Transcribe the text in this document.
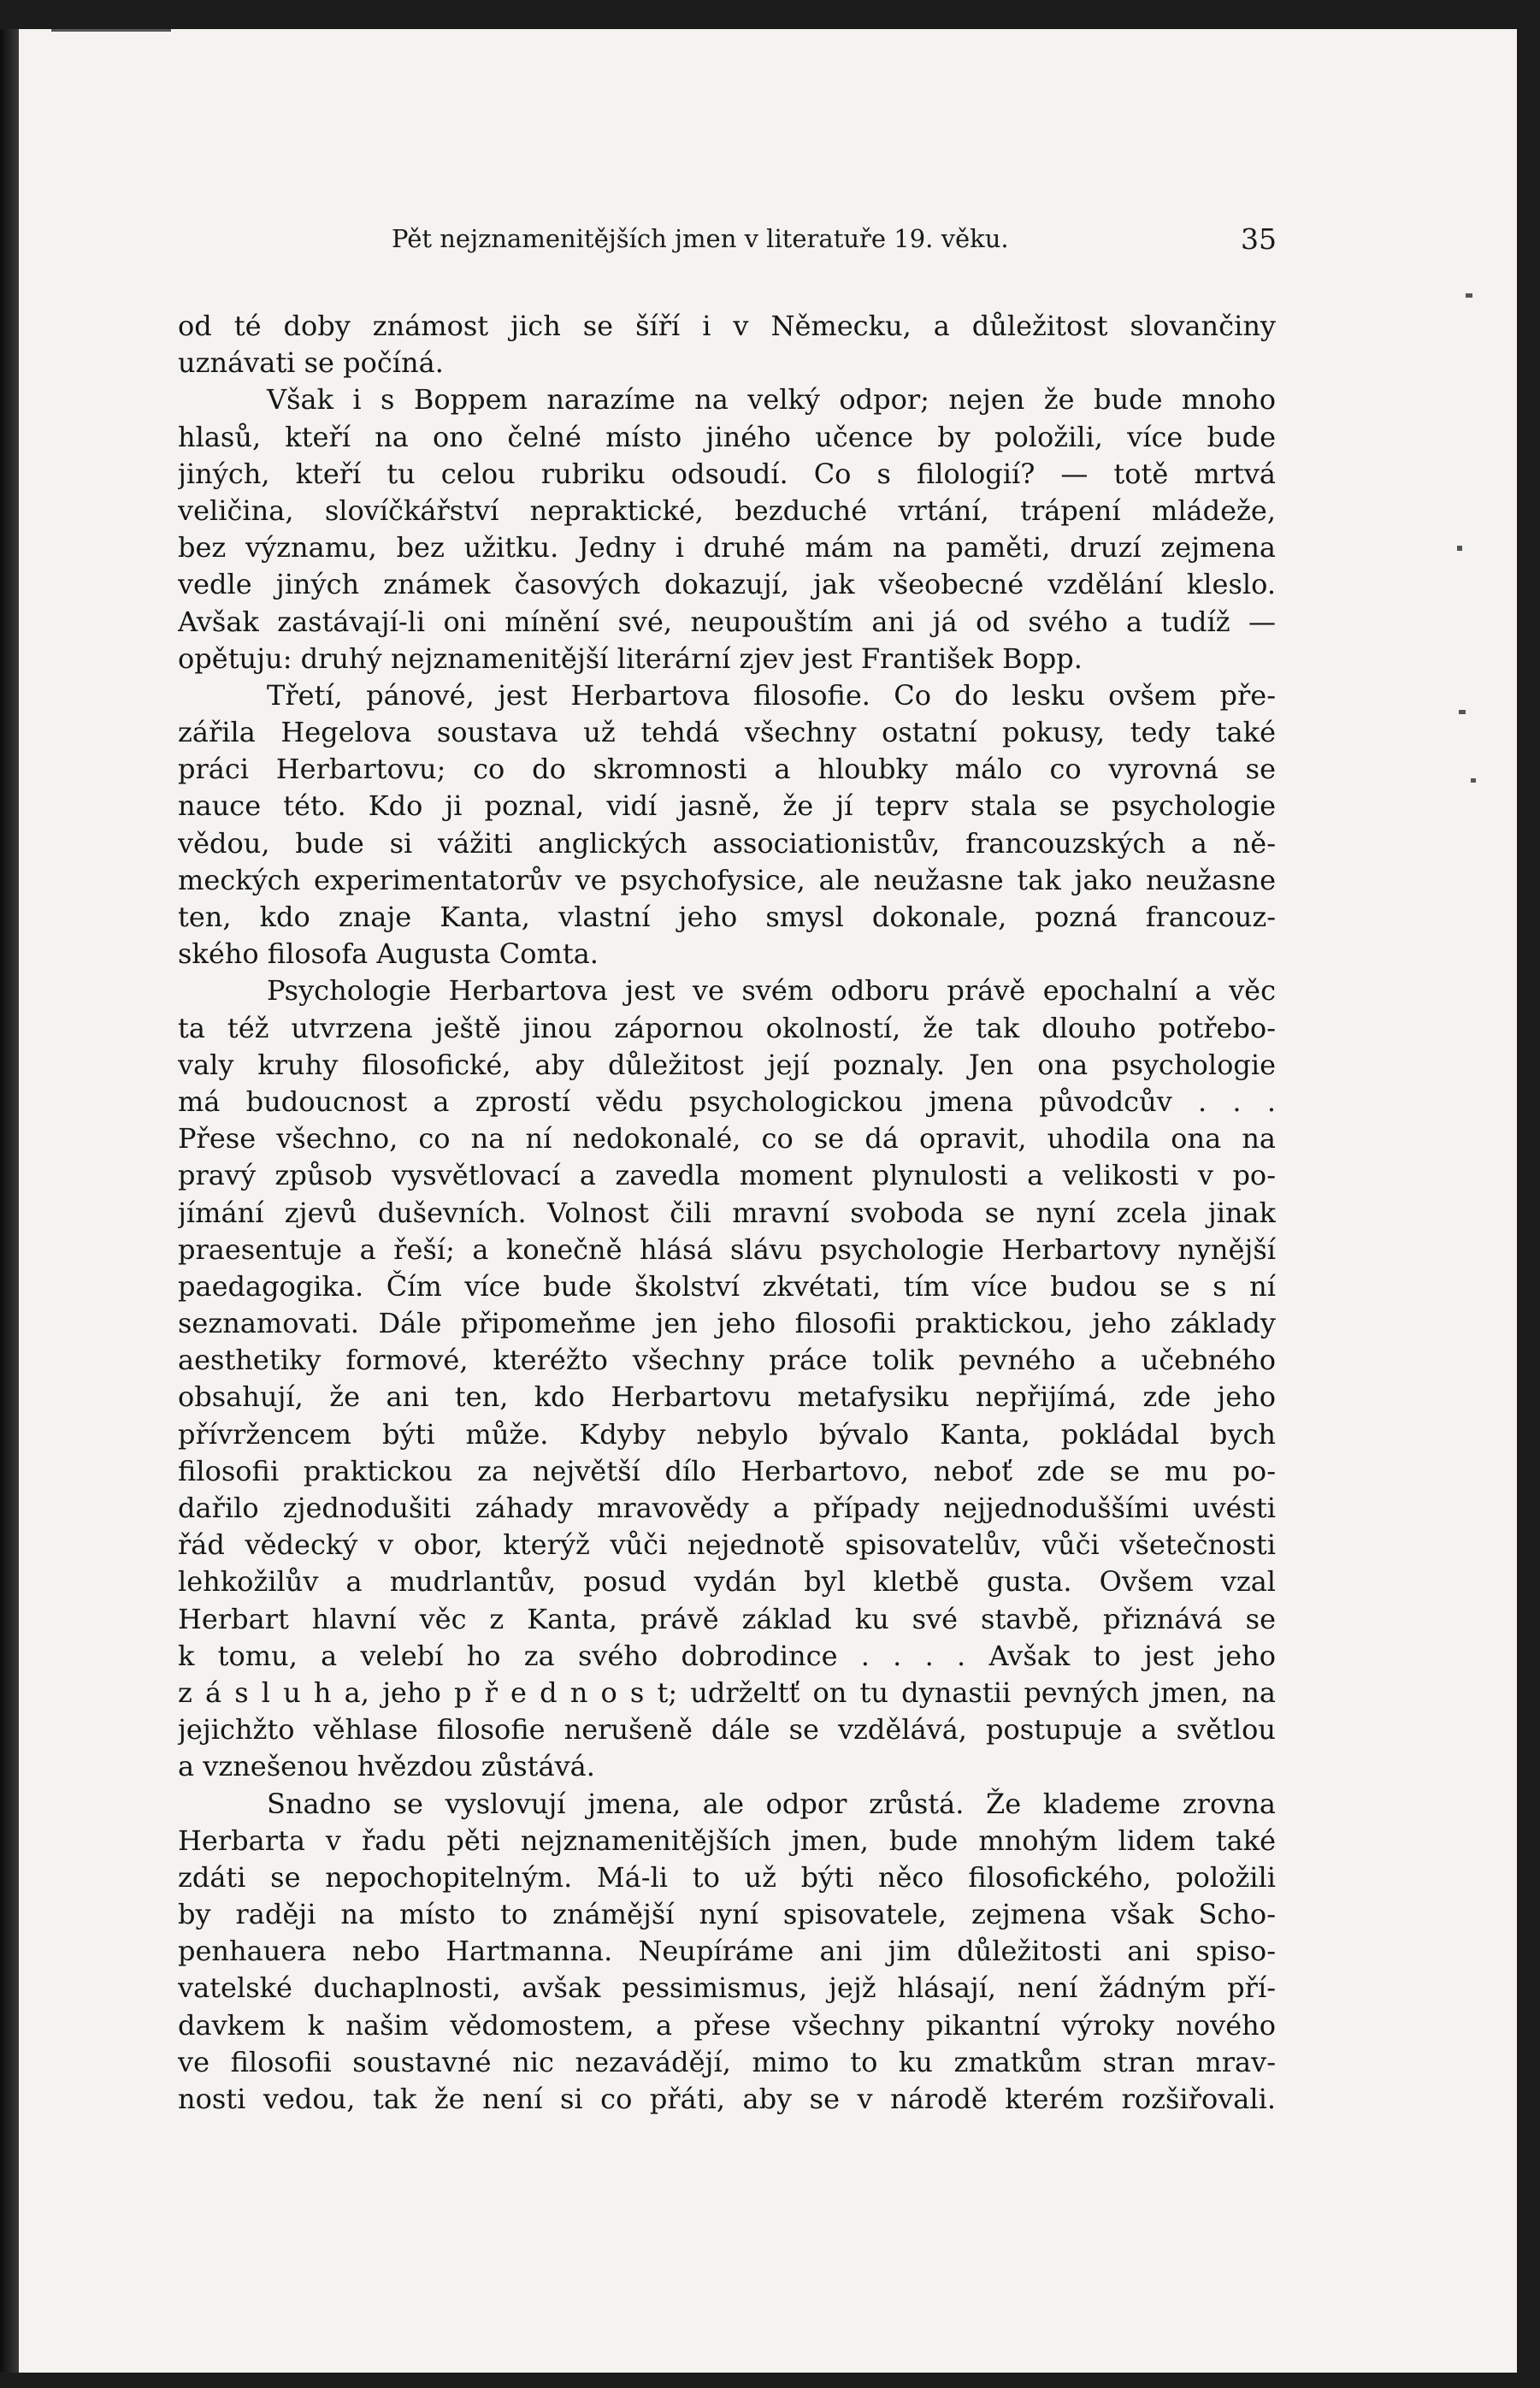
Pět nejznamenitějších jmen v literatuře 19. věku.	35
od té doby známost jich se šíří i v Německu, a důležitost slovančiny
uznávati se počíná.
Však i s Boppem narazíme na velký odpor; nejen že bude mnoho
hlasů, kteří na ono čelné místo jiného učence by položili, více bude
jiných, kteří tu celou rubriku odsoudí. Co s filologií? — totě mrtvá
veličina, slovíčkářství nepraktické, bezduché vrtání, trápení mládeže,
bez významu, bez užitku. Jedny i druhé mám na paměti, druzí zejmena
vedle jiných známek časových dokazují, jak všeobecné vzdělání kleslo.
Avšak zastávají-li oni mínění své, neupouštím ani já od svého a tudíž —
opětuju: druhý nejznamenitější literární zjev jest František Bopp.
Třetí, pánové, jest Herbartova filosofie. Co do lesku ovšem pře-
zářila Hegelova soustava už tehdá všechny ostatní pokusy, tedy také
práci Herbartovu; co do skromnosti a hloubky málo co vyrovná se
nauce této. Kdo ji poznal, vidí jasně, že jí teprv stala se psychologie
vědou, bude si vážiti anglických associationistův, francouzských a ně-
meckých experimentatorův ve psychofysice, ale neužasne tak jako neužasne
ten, kdo znaje Kanta, vlastní jeho smysl dokonale, pozná francouz-
ského filosofa Augusta Comta.
Psychologie Herbartova jest ve svém odboru právě epochalní a věc
ta též utvrzena ještě jinou zápornou okolností, že tak dlouho potřebo-
valy kruhy filosofické, aby důležitost její poznaly. Jen ona psychologie
má budoucnost a zprostí vědu psychologickou jmena původcův . . .
Přese všechno, co na ní nedokonalé, co se dá opravit, uhodila ona na
pravý způsob vysvětlovací a zavedla moment plynulosti a velikosti v po-
jímání zjevů duševních. Volnost čili mravní svoboda se nyní zcela jinak
praesentuje a řeší; a konečně hlásá slávu psychologie Herbartovy nynější
paedagogika. Čím více bude školství zkvétati, tím více budou se s ní
seznamovati. Dále připomeňme jen jeho filosofii praktickou, jeho základy
aesthetiky formové, kteréžto všechny práce tolik pevného a učebného
obsahují, že ani ten, kdo Herbartovu metafysiku nepřijímá, zde jeho
přívržencem býti může. Kdyby nebylo bývalo Kanta, pokládal bych
filosofii praktickou za největší dílo Herbartovo, neboť zde se mu po-
dařilo zjednodušiti záhady mravovědy a případy nejjednoduššími uvésti
řád vědecký v obor, kterýž vůči nejednotě spisovatelův, vůči všetečnosti
lehkožilův a mudrlantův, posud vydán byl kletbě gusta. Ovšem vzal
Herbart hlavní věc z Kanta, právě základ ku své stavbě, přiznává se
k tomu, a velebí ho za svého dobrodince . . . . Avšak to jest jeho
z á s l u h a, jeho p ř e d n o s t; udrželtť on tu dynastii pevných jmen, na
jejichžto věhlase filosofie nerušeně dále se vzdělává, postupuje a světlou
a vznešenou hvězdou zůstává.
Snadno se vyslovují jmena, ale odpor zrůstá. Že klademe zrovna
Herbarta v řadu pěti nejznamenitějších jmen, bude mnohým lidem také
zdáti se nepochopitelným. Má-li to už býti něco filosofického, položili
by raději na místo to známější nyní spisovatele, zejmena však Scho-
penhauera nebo Hartmanna. Neupíráme ani jim důležitosti ani spiso-
vatelské duchaplnosti, avšak pessimismus, jejž hlásají, není žádným pří-
davkem k našim vědomostem, a přese všechny pikantní výroky nového
ve filosofii soustavné nic nezavádějí, mimo to ku zmatkům stran mrav-
nosti vedou, tak že není si co přáti, aby se v národě kterém rozšiřovali.
